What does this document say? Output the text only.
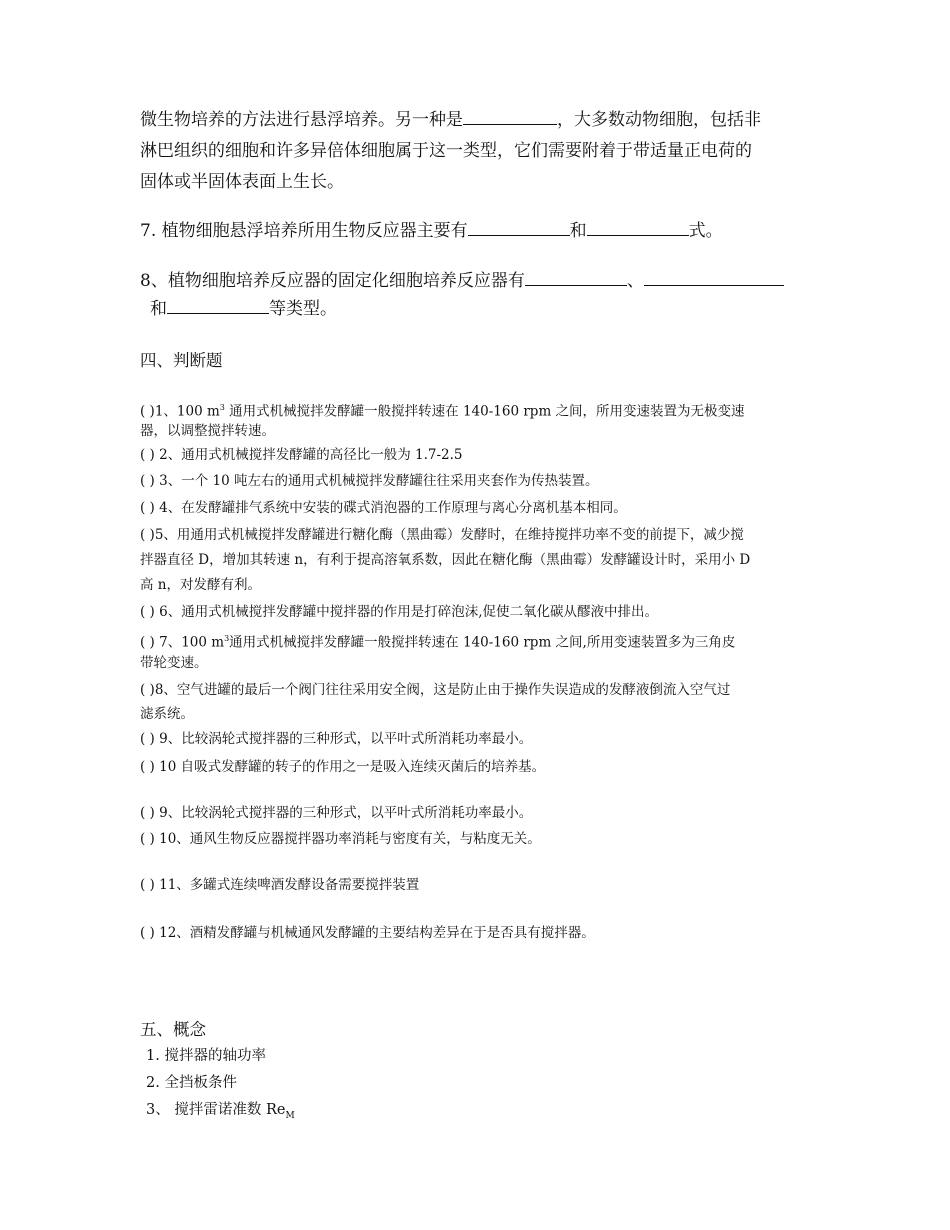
微生物培养的方法进行悬浮培养。另一种是	，大多数动物细胞，包括非
淋巴组织的细胞和许多异倍体细胞属于这一类型，它们需要附着于带适量正电荷的
固体或半固体表面上生长。
7. 植物细胞悬浮培养所用生物反应器主要有	和	式。
8、植物细胞培养反应器的固定化细胞培养反应器有	、
和	等类型。
四、判断题
( )1、100 $m^3$ 通用式机械搅拌发酵罐一般搅拌转速在 140-160 rpm 之间，所用变速装置为无极变速
器，以调整搅拌转速。
( ) 2、通用式机械搅拌发酵罐的高径比一般为 1.7-2.5
( ) 3、一个 10 吨左右的通用式机械搅拌发酵罐往往采用夹套作为传热装置。
( ) 4、在发酵罐排气系统中安装的碟式消泡器的工作原理与离心分离机基本相同。
( )5、用通用式机械搅拌发酵罐进行糖化酶（黑曲霉）发酵时，在维持搅拌功率不变的前提下，减少搅
拌器直径 D，增加其转速 n，有利于提高溶氧系数，因此在糖化酶（黑曲霉）发酵罐设计时，采用小 D
高 n，对发酵有利。
( ) 6、通用式机械搅拌发酵罐中搅拌器的作用是打碎泡沫,促使二氧化碳从醪液中排出。
( ) 7、100 $m^3$通用式机械搅拌发酵罐一般搅拌转速在 140-160 rpm 之间,所用变速装置多为三角皮
带轮变速。
( )8、空气进罐的最后一个阀门往往采用安全阀，这是防止由于操作失误造成的发酵液倒流入空气过
滤系统。
( ) 9、比较涡轮式搅拌器的三种形式，以平叶式所消耗功率最小。
( ) 10 自吸式发酵罐的转子的作用之一是吸入连续灭菌后的培养基。
( ) 9、比较涡轮式搅拌器的三种形式，以平叶式所消耗功率最小。
( ) 10、通风生物反应器搅拌器功率消耗与密度有关，与粘度无关。
( ) 11、多罐式连续啤酒发酵设备需要搅拌装置
( ) 12、酒精发酵罐与机械通风发酵罐的主要结构差异在于是否具有搅拌器。
五、概念
1. 搅拌器的轴功率
2. 全挡板条件
3、 搅拌雷诺准数 $Re_M$
